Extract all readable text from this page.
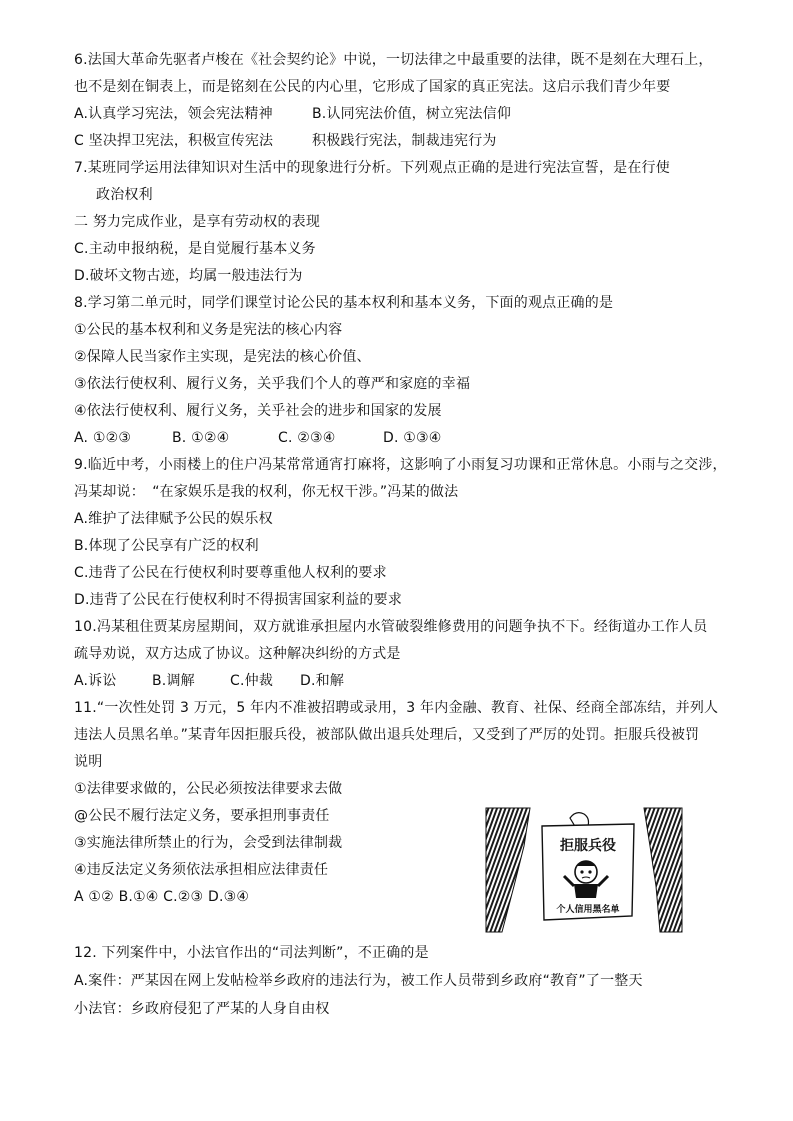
6.法国大革命先驱者卢梭在《社会契约论》中说，一切法律之中最重要的法律，既不是刻在大理石上，
也不是刻在铜表上，而是铭刻在公民的内心里，它形成了国家的真正宪法。这启示我们青少年要
A.认真学习宪法，领会宪法精神	B.认同宪法价值，树立宪法信仰
C 坚决捍卫宪法，积极宣传宪法	积极践行宪法，制裁违宪行为
7.某班同学运用法律知识对生活中的现象进行分析。下列观点正确的是进行宪法宣誓，是在行使
政治权利
二 努力完成作业，是享有劳动权的表现
C.主动申报纳税，是自觉履行基本义务
D.破坏文物古迹，均属一般违法行为
8.学习第二单元时，同学们课堂讨论公民的基本权利和基本义务，下面的观点正确的是
①公民的基本权利和义务是宪法的核心内容
②保障人民当家作主实现，是宪法的核心价值、
③依法行使权利、履行义务，关乎我们个人的尊严和家庭的幸福
④依法行使权利、履行义务，关乎社会的进步和国家的发展
A. ①②③	B. ①②④	C. ②③④	D. ①③④
9.临近中考，小雨楼上的住户冯某常常通宵打麻将，这影响了小雨复习功课和正常休息。小雨与之交涉，
冯某却说：　“在家娱乐是我的权利，你无权干涉。”冯某的做法
A.维护了法律赋予公民的娱乐权
B.体现了公民享有广泛的权利
C.违背了公民在行使权利时要尊重他人权利的要求
D.违背了公民在行使权利时不得损害国家利益的要求
10.冯某租住贾某房屋期间，双方就谁承担屋内水管破裂维修费用的问题争执不下。经街道办工作人员
疏导劝说，双方达成了协议。这种解决纠纷的方式是
A.诉讼	B.调解	C.仲裁 D.和解
11.“一次性处罚 3 万元，5 年内不准被招聘或录用，3 年内金融、教育、社保、经商全部冻结，并列人
违法人员黑名单。”某青年因拒服兵役，被部队做出退兵处理后，又受到了严厉的处罚。拒服兵役被罚
说明
①法律要求做的，公民必须按法律要求去做
@公民不履行法定义务，要承担刑事责任
③实施法律所禁止的行为，会受到法律制裁
④违反法定义务须依法承担相应法律责任
A ①② B.①④ C.②③ D.③④
拒服兵役
个人信用黑名单
12. 下列案件中，小法官作出的“司法判断”，不正确的是
A.案件：严某因在网上发帖检举乡政府的违法行为，被工作人员带到乡政府“教育”了一整天
小法官：乡政府侵犯了严某的人身自由权
